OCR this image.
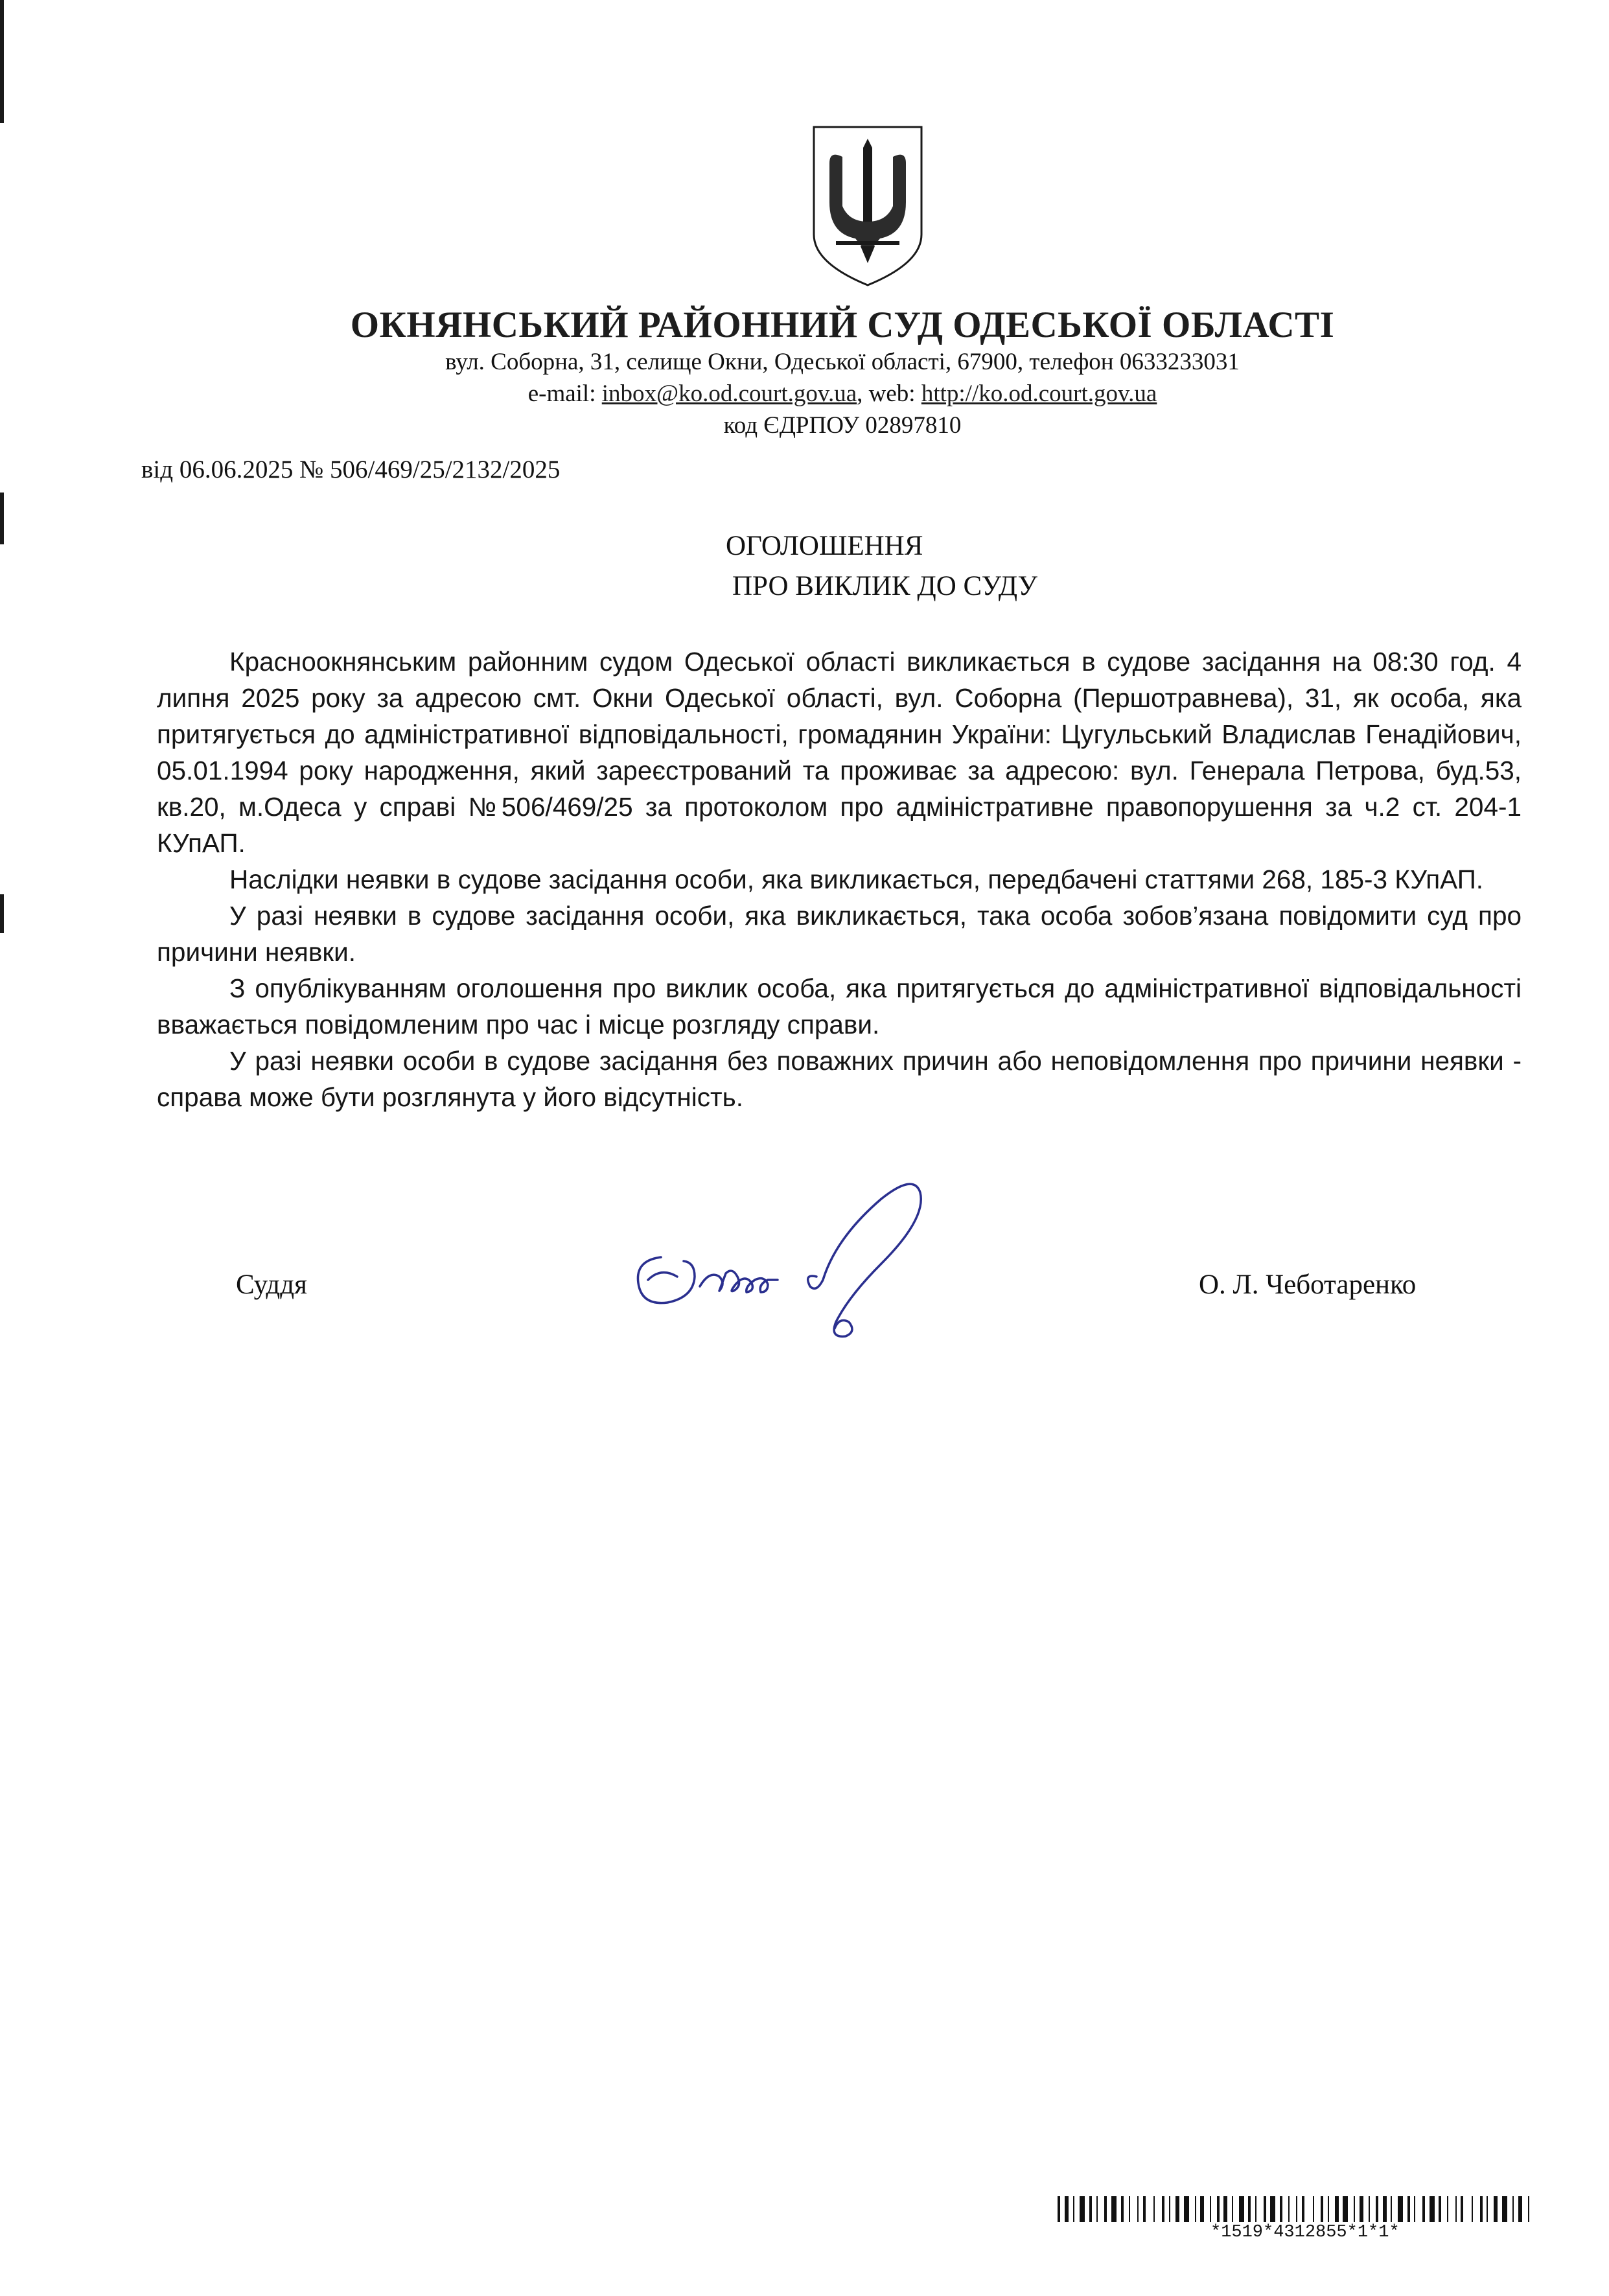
ОКНЯНСЬКИЙ РАЙОННИЙ СУД ОДЕСЬКОЇ ОБЛАСТІ
вул. Соборна, 31, селище Окни, Одеської області, 67900, телефон 0633233031
e-mail: inbox@ko.od.court.gov.ua, web: http://ko.od.court.gov.ua
код ЄДРПОУ 02897810
від 06.06.2025 № 506/469/25/2132/2025
ОГОЛОШЕННЯ
ПРО ВИКЛИК ДО СУДУ

Красноокнянським районним судом Одеської області викликається в судове засідання на 08:30 год. 4 липня 2025 року за адресою смт. Окни Одеської області, вул. Соборна (Першотравнева), 31, як особа, яка притягується до адміністративної відповідальності, громадянин України: Цугульський Владислав Генадійович, 05.01.1994 року народження, який зареєстрований та проживає за адресою: вул. Генерала Петрова, буд.53, кв.20, м.Одеса у справі №506/469/25 за протоколом про адміністративне правопорушення за ч.2 ст. 204-1 КУпАП.

Наслідки неявки в судове засідання особи, яка викликається, передбачені статтями 268, 185-3 КУпАП.

У разі неявки в судове засідання особи, яка викликається, така особа зобов’язана повідомити суд про причини неявки.

З опублікуванням оголошення про виклик особа, яка притягується до адміністративної відповідальності вважається повідомленим про час і місце розгляду справи.

У разі неявки особи в судове засідання без поважних причин або неповідомлення про причини неявки - справа може бути розглянута у його відсутність.

Суддя	О. Л. Чеботаренко
*1519*4312855*1*1*
